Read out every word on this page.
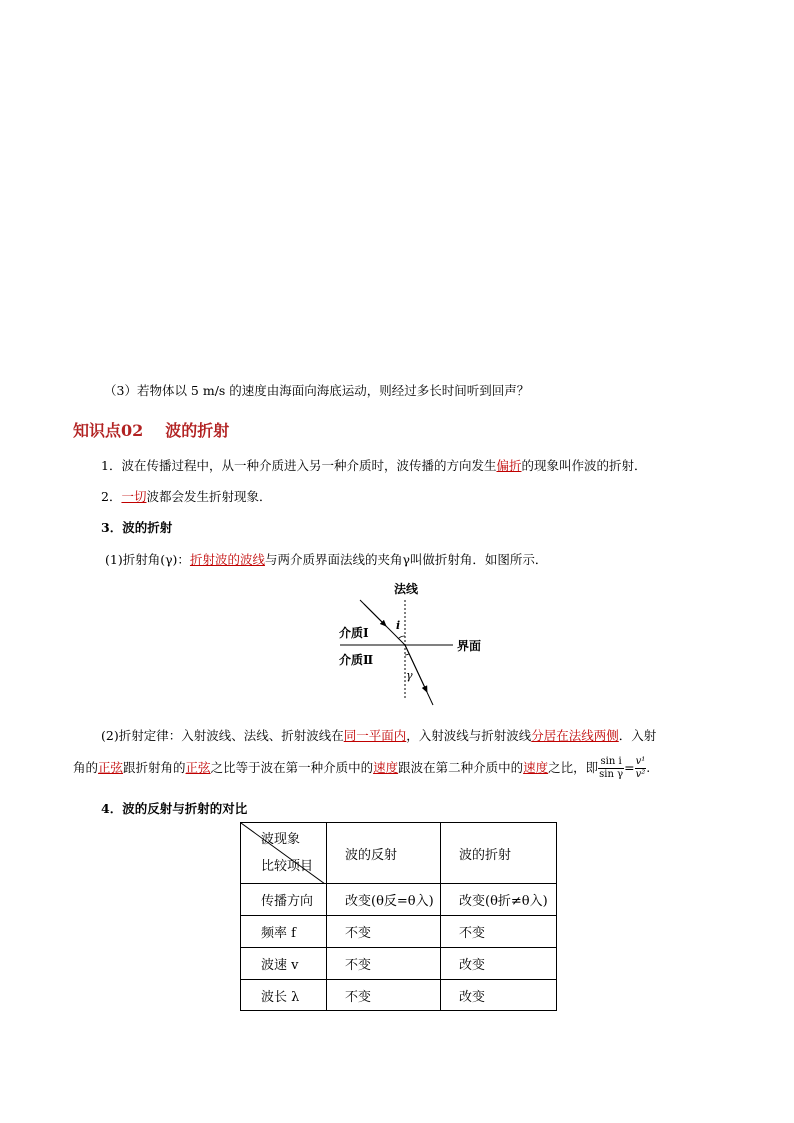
（3）若物体以 5 m/s 的速度由海面向海底运动，则经过多长时间听到回声？
知识点02 波的折射
1．波在传播过程中，从一种介质进入另一种介质时，波传播的方向发生偏折的现象叫作波的折射．
2．一切波都会发生折射现象．
3．波的折射
(1)折射角(γ)：折射波的波线与两介质界面法线的夹角γ叫做折射角．如图所示．
法线
介质Ⅰ
介质Ⅱ
界面
i
γ
(2)折射定律：入射波线、法线、折射波线在同一平面内，入射波线与折射波线分居在法线两侧．入射
角的正弦跟折射角的正弦之比等于波在第一种介质中的速度跟波在第二种介质中的速度之比，即 $\frac{\text{sin i}}{\text{sin γ}} = \frac{\text{v¹}}{\text{v²}}$ .
4．波的反射与折射的对比
波现象
比较项目	波的反射	波的折射
传播方向	改变(θ反=θ入)	改变(θ折≠θ入)
频率 f	不变	不变
波速 v	不变	改变
波长 λ	不变	改变
